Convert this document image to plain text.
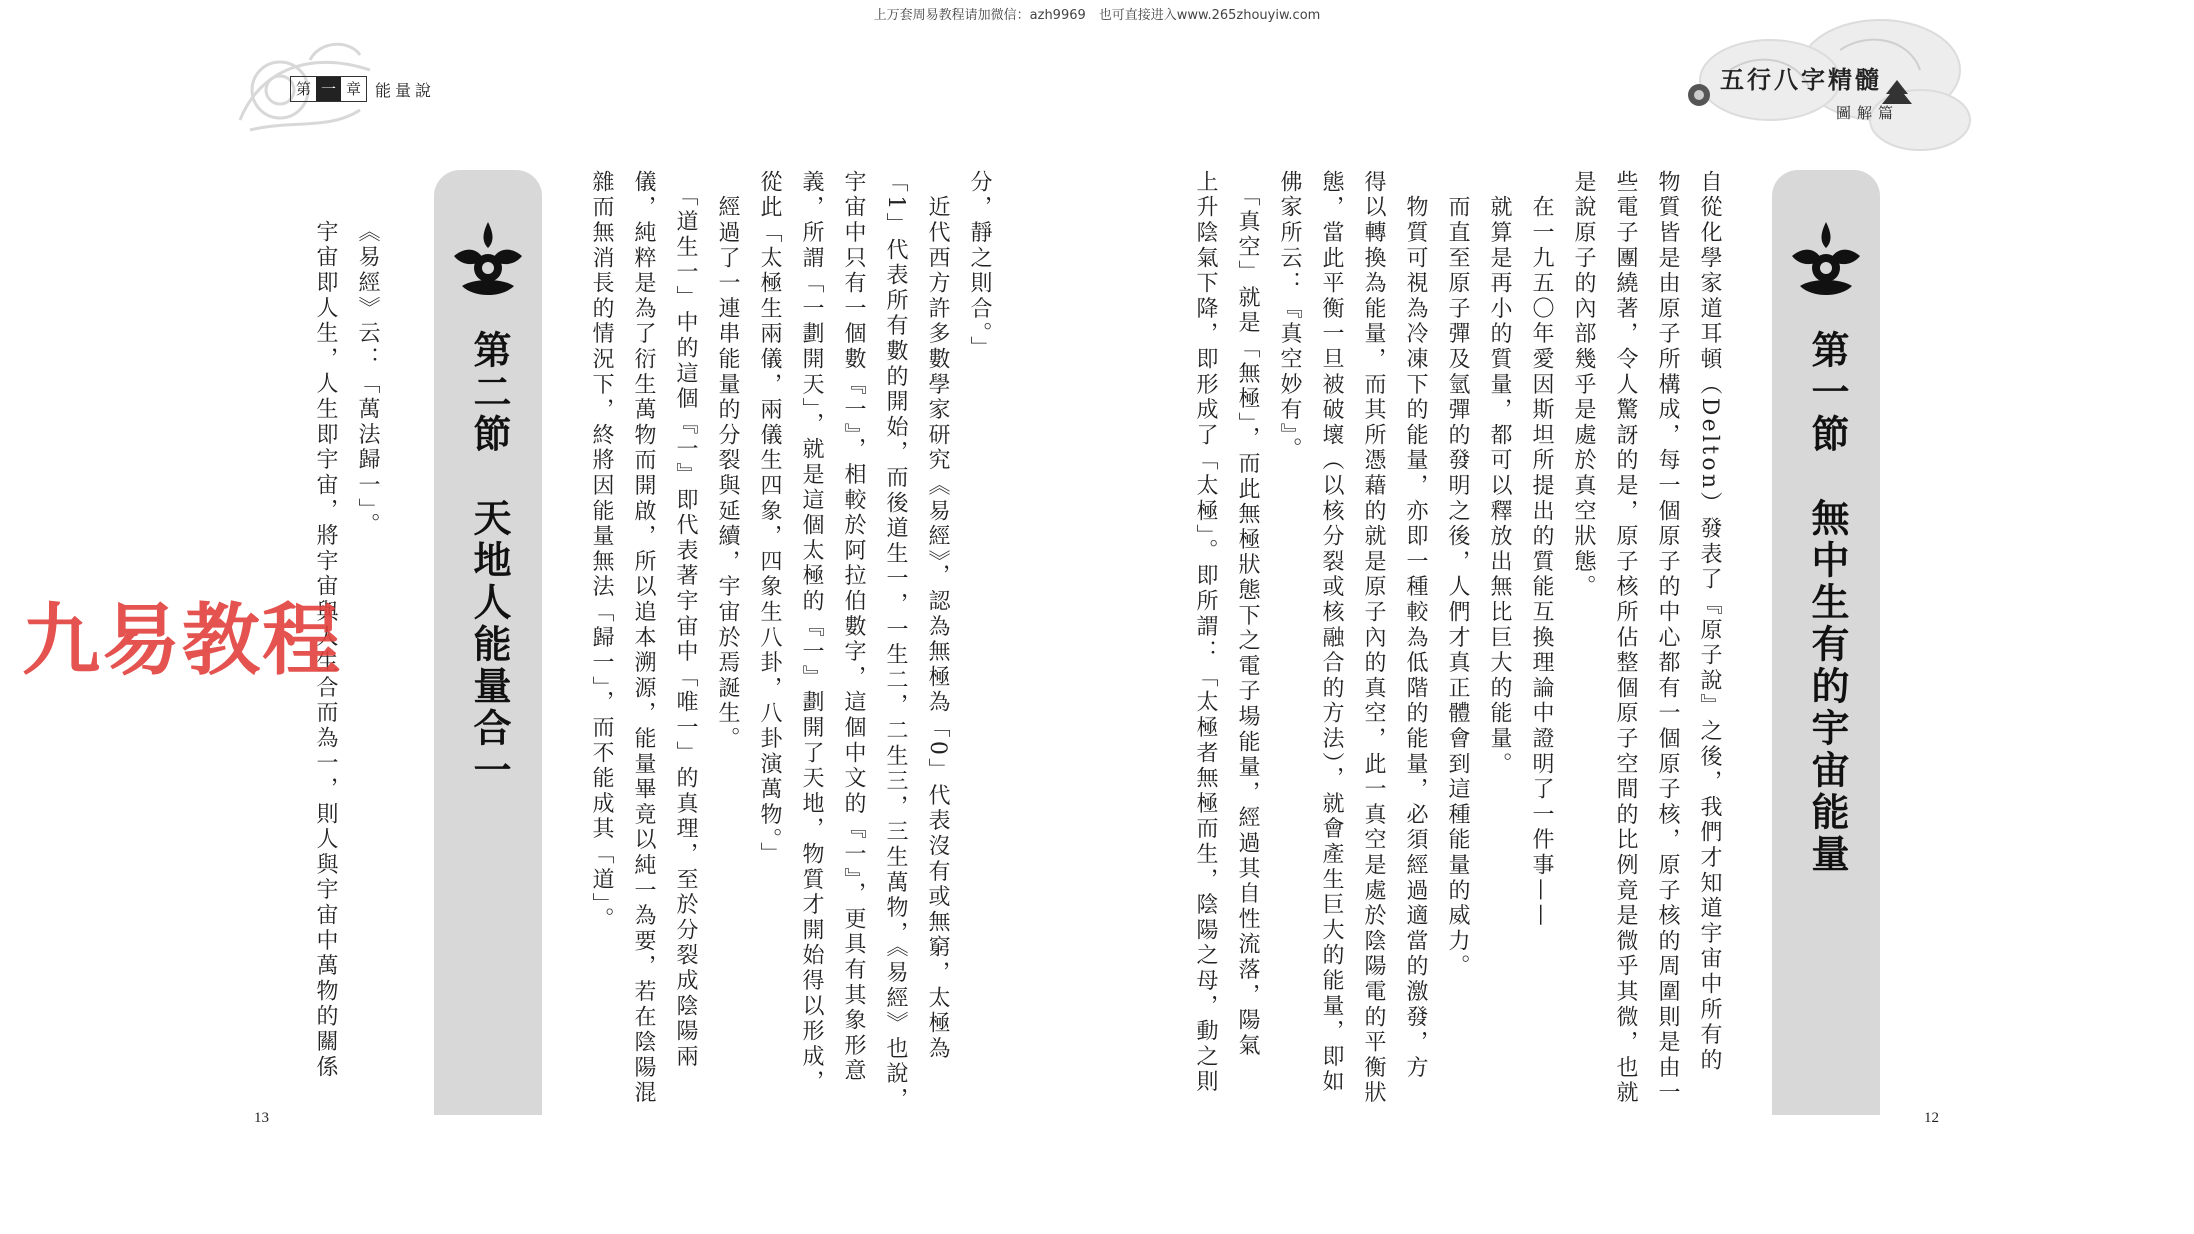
上万套周易教程请加微信：azh9969　也可直接进入www.265zhouyiw.com
第 一 章 能量說	五行八字精髓
圖解篇
第一節　無中生有的宇宙能量
第二節　天地人能量合一	自從化學家道耳頓（Delton）發表了『原子說』之後，我們才知道宇宙中所有的

物質皆是由原子所構成，每一個原子的中心都有一個原子核，原子核的周圍則是由一

些電子團繞著，令人驚訝的是，原子核所佔整個原子空間的比例竟是微乎其微，也就

是說原子的內部幾乎是處於真空狀態。

　在一九五〇年愛因斯坦所提出的質能互換理論中證明了一件事——

　就算是再小的質量，都可以釋放出無比巨大的能量。

　而直至原子彈及氫彈的發明之後，人們才真正體會到這種能量的威力。

　物質可視為冷凍下的能量，亦即一種較為低階的能量，必須經過適當的激發，方

得以轉換為能量，而其所憑藉的就是原子內的真空，此一真空是處於陰陽電的平衡狀

態，當此平衡一旦被破壞（以核分裂或核融合的方法），就會產生巨大的能量，即如

佛家所云：『真空妙有』。

　「真空」就是「無極」，而此無極狀態下之電子場能量，經過其自性流落，陽氣

上升陰氣下降，即形成了「太極」。即所謂：「太極者無極而生，陰陽之母，動之則

分，靜之則合。」

　近代西方許多數學家研究《易經》，認為無極為「0」代表沒有或無窮，太極為

「1」代表所有數的開始，而後道生一，一生二，二生三，三生萬物，《易經》也說，

宇宙中只有一個數『一』，相較於阿拉伯數字，這個中文的『一』，更具有其象形意

義，所謂「一劃開天」，就是這個太極的『一』劃開了天地，物質才開始得以形成，

從此「太極生兩儀，兩儀生四象，四象生八卦，八卦演萬物。」

　經過了一連串能量的分裂與延續，宇宙於焉誕生。

　「道生一」中的這個『一』即代表著宇宙中「唯一」的真理，至於分裂成陰陽兩

儀，純粹是為了衍生萬物而開啟，所以追本溯源，能量畢竟以純一為要，若在陰陽混

雜而無消長的情況下，終將因能量無法「歸一」，而不能成其「道」。

《易經》云：「萬法歸一」。

宇宙即人生，人生即宇宙，將宇宙與人生合而為一，則人與宇宙中萬物的關係

九易教程
13	12
